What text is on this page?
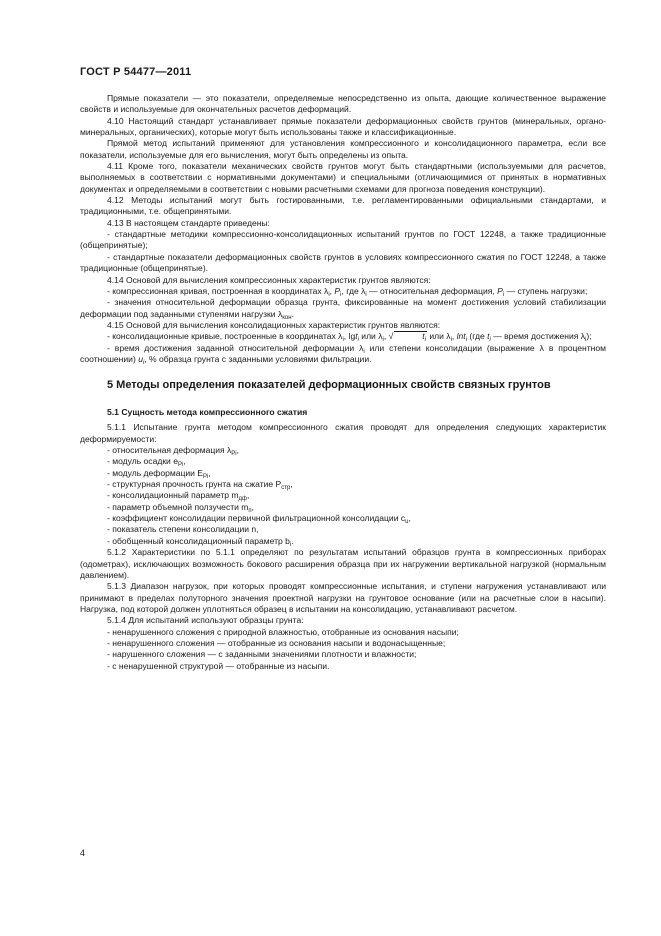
ГОСТ Р 54477—2011

Прямые показатели — это показатели, определяемые непосредственно из опыта, дающие количественное выражение свойств и используемые для окончательных расчетов деформаций.

4.10 Настоящий стандарт устанавливает прямые показатели деформационных свойств грунтов (минеральных, органо-минеральных, органических), которые могут быть использованы также и классификационные.

Прямой метод испытаний применяют для установления компрессионного и консолидационного параметра, если все показатели, используемые для его вычисления, могут быть определены из опыта.

4.11 Кроме того, показатели механических свойств грунтов могут быть стандартными (используемыми для расчетов, выполняемых в соответствии с нормативными документами) и специальными (отличающимися от принятых в нормативных документах и определяемыми в соответствии с новыми расчетными схемами для прогноза поведения конструкции).

4.12 Методы испытаний могут быть гостированными, т.е. регламентированными официальными стандартами, и традиционными, т.е. общепринятыми.

4.13 В настоящем стандарте приведены:

- стандартные методики компрессионно-консолидационных испытаний грунтов по ГОСТ 12248, а также традиционные (общепринятые);

- стандартные показатели деформационных свойств грунтов в условиях компрессионного сжатия по ГОСТ 12248, а также традиционные (общепринятые).

4.14 Основой для вычисления компрессионных характеристик грунтов являются:

- компрессионная кривая, построенная в координатах $\lambda_i$, $P_i$, где $\lambda_i$ — относительная деформация, $P_i$ — ступень нагрузки;

- значения относительной деформации образца грунта, фиксированные на момент достижения условий стабилизации деформации под заданными ступенями нагрузки $\lambda_{кон}$.

4.15 Основой для вычисления консолидационных характеристик грунтов являются:

- консолидационные кривые, построенные в координатах $\lambda_i$, lgt$_i$ или $\lambda_i$, √	$t_i$ или $\lambda_i$, lnt$_i$ (где $t_i$ — время достижения $\lambda_i$);

- время достижения заданной относительной деформации $\lambda_i$ или степени консолидации (выражение λ в процентном соотношении) $u_i$, % образца грунта с заданными условиями фильтрации.

5 Методы определения показателей деформационных свойств связных грунтов

5.1 Сущность метода компрессионного сжатия

5.1.1 Испытание грунта методом компрессионного сжатия проводят для определения следующих характеристик деформируемости:

- относительная деформация $\lambda_{Pi}$,

- модуль осадки $e_{Pi}$,

- модуль деформации $E_{Pi}$,

- структурная прочность грунта на сжатие $P_{стр}$,

- консолидационный параметр $m_{дф}$,

- параметр объемной ползучести $m_п$,

- коэффициент консолидации первичной фильтрационной консолидации $c_u$,

- показатель степени консолидации n,

- обобщенный консолидационный параметр $b_i$.

5.1.2 Характеристики по 5.1.1 определяют по результатам испытаний образцов грунта в компрессионных приборах (одометрах), исключающих возможность бокового расширения образца при их нагружении вертикальной нагрузкой (нормальным давлением).

5.1.3 Диапазон нагрузок, при которых проводят компрессионные испытания, и ступени нагружения устанавливают или принимают в пределах полуторного значения проектной нагрузки на грунтовое основание (или на расчетные слои в насыпи). Нагрузка, под которой должен уплотняться образец в испытании на консолидацию, устанавливают расчетом.

5.1.4 Для испытаний используют образцы грунта:

- ненарушенного сложения с природной влажностью, отобранные из основания насыпи;

- ненарушенного сложения — отобранные из основания насыпи и водонасыщенные;

- нарушенного сложения — с заданными значениями плотности и влажности;

- с ненарушенной структурой — отобранные из насыпи.

4
